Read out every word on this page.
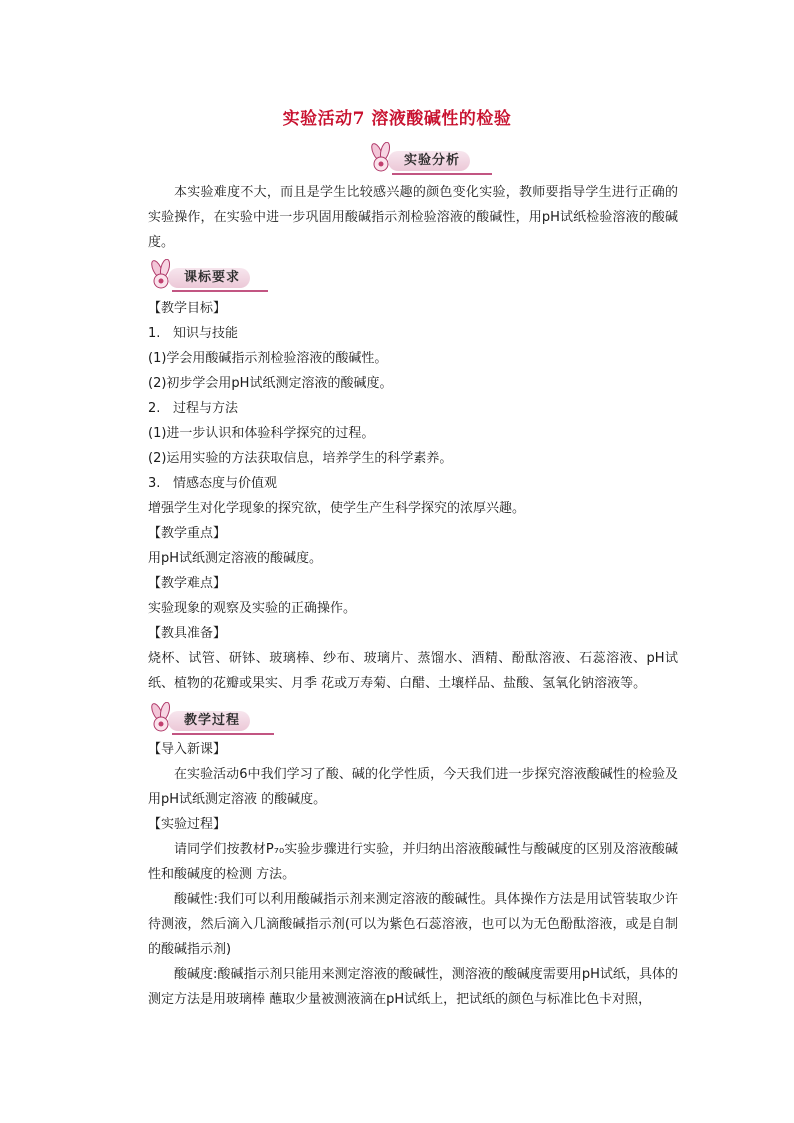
实验活动7 溶液酸碱性的检验
实验分析

本实验难度不大，而且是学生比较感兴趣的颜色变化实验，教师要指导学生进行正确的实验操作，在实验中进一步巩固用酸碱指示剂检验溶液的酸碱性，用pH试纸检验溶液的酸碱度。

课标要求

【教学目标】

1. 知识与技能

(1)学会用酸碱指示剂检验溶液的酸碱性。

(2)初步学会用pH试纸测定溶液的酸碱度。

2. 过程与方法

(1)进一步认识和体验科学探究的过程。

(2)运用实验的方法获取信息，培养学生的科学素养。

3. 情感态度与价值观

增强学生对化学现象的探究欲，使学生产生科学探究的浓厚兴趣。

【教学重点】

用pH试纸测定溶液的酸碱度。

【教学难点】

实验现象的观察及实验的正确操作。

【教具准备】

烧杯、试管、研钵、玻璃棒、纱布、玻璃片、蒸馏水、酒精、酚酞溶液、石蕊溶液、pH试纸、植物的花瓣或果实、月季 花或万寿菊、白醋、土壤样品、盐酸、氢氧化钠溶液等。

教学过程

【导入新课】

在实验活动6中我们学习了酸、碱的化学性质，今天我们进一步探究溶液酸碱性的检验及用pH试纸测定溶液 的酸碱度。

【实验过程】

请同学们按教材P₇₀实验步骤进行实验，并归纳出溶液酸碱性与酸碱度的区别及溶液酸碱性和酸碱度的检测 方法。

酸碱性:我们可以利用酸碱指示剂来测定溶液的酸碱性。具体操作方法是用试管装取少许待测液，然后滴入几滴酸碱指示剂(可以为紫色石蕊溶液，也可以为无色酚酞溶液，或是自制的酸碱指示剂)

酸碱度:酸碱指示剂只能用来测定溶液的酸碱性，测溶液的酸碱度需要用pH试纸，具体的测定方法是用玻璃棒 蘸取少量被测液滴在pH试纸上，把试纸的颜色与标准比色卡对照，
